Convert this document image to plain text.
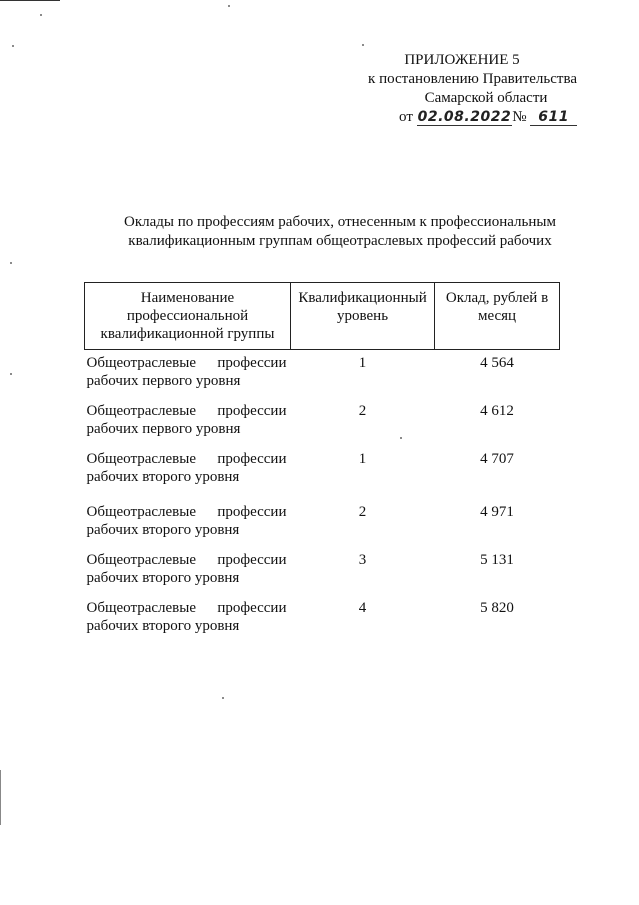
ПРИЛОЖЕНИЕ 5
к постановлению Правительства
Самарской области
от 02.08.2022№ 611
Оклады по профессиям рабочих, отнесенным к профессиональным
квалификационным группам общеотраслевых профессий рабочих
Наименование профессиональной квалификационной группы	Квалификационный уровень	Оклад, рублей в месяц

Общеотраслевые профессии
рабочих первого уровня	1	4 564

Общеотраслевые профессии
рабочих первого уровня	2	4 612

Общеотраслевые профессии
рабочих второго уровня	1	4 707

Общеотраслевые профессии
рабочих второго уровня	2	4 971

Общеотраслевые профессии
рабочих второго уровня	3	5 131

Общеотраслевые профессии
рабочих второго уровня	4	5 820
